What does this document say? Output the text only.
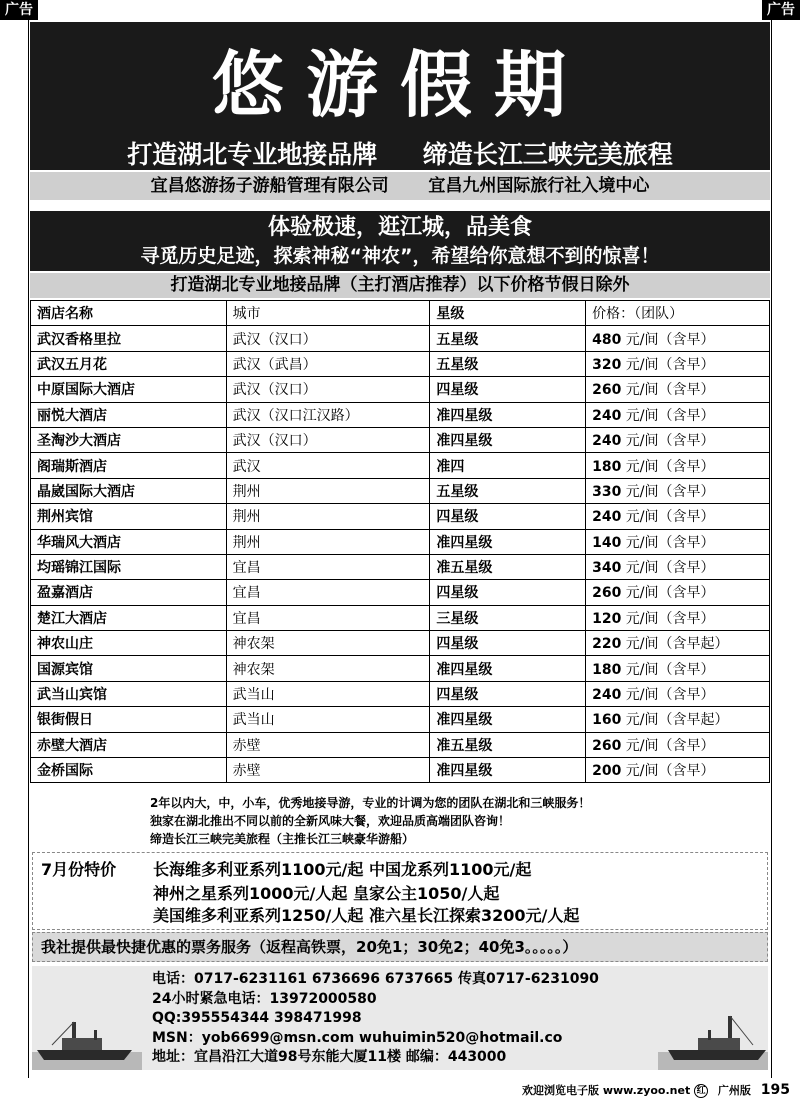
广告	广告
悠游假期
打造湖北专业地接品牌 缔造长江三峡完美旅程
宜昌悠游扬子游船管理有限公司 宜昌九州国际旅行社入境中心
体验极速，逛江城，品美食
寻觅历史足迹，探索神秘“神农”，希望给你意想不到的惊喜！
打造湖北专业地接品牌（主打酒店推荐）以下价格节假日除外
酒店名称	城市	星级	价格：（团队）
武汉香格里拉	武汉（汉口）	五星级	480 元/间（含早）
武汉五月花	武汉（武昌）	五星级	320 元/间（含早）
中原国际大酒店	武汉（汉口）	四星级	260 元/间（含早）
丽悦大酒店	武汉（汉口江汉路）	准四星级	240 元/间（含早）
圣淘沙大酒店	武汉（汉口）	准四星级	240 元/间（含早）
阁瑞斯酒店	武汉	准四	180 元/间（含早）
晶崴国际大酒店	荆州	五星级	330 元/间（含早）
荆州宾馆	荆州	四星级	240 元/间（含早）
华瑞风大酒店	荆州	准四星级	140 元/间（含早）
均瑶锦江国际	宜昌	准五星级	340 元/间（含早）
盈嘉酒店	宜昌	四星级	260 元/间（含早）
楚江大酒店	宜昌	三星级	120 元/间（含早）
神农山庄	神农架	四星级	220 元/间（含早起）
国源宾馆	神农架	准四星级	180 元/间（含早）
武当山宾馆	武当山	四星级	240 元/间（含早）
银街假日	武当山	准四星级	160 元/间（含早起）
赤壁大酒店	赤壁	准五星级	260 元/间（含早）
金桥国际	赤壁	准四星级	200 元/间（含早）
2年以内大，中，小车，优秀地接导游，专业的计调为您的团队在湖北和三峡服务！
独家在湖北推出不同以前的全新风味大餐，欢迎品质高端团队咨询！
缔造长江三峡完美旅程（主推长江三峡豪华游船）
7月份特价 长海维多利亚系列1100元/起 中国龙系列1100元/起
神州之星系列1000元/人起 皇家公主1050/人起
美国维多利亚系列1250/人起 准六星长江探索3200元/人起
我社提供最快捷优惠的票务服务（返程高铁票，20免1；30免2；40免3。。。。。）
电话：0717-6231161 6736696 6737665 传真0717-6231090
24小时紧急电话：13972000580
QQ:395554344 398471998
MSN：yob6699@msn.com wuhuimin520@hotmail.co
地址：宜昌沿江大道98号东能大厦11楼 邮编：443000
欢迎浏览电子版 www.zyoo.net 红 广州版 195
